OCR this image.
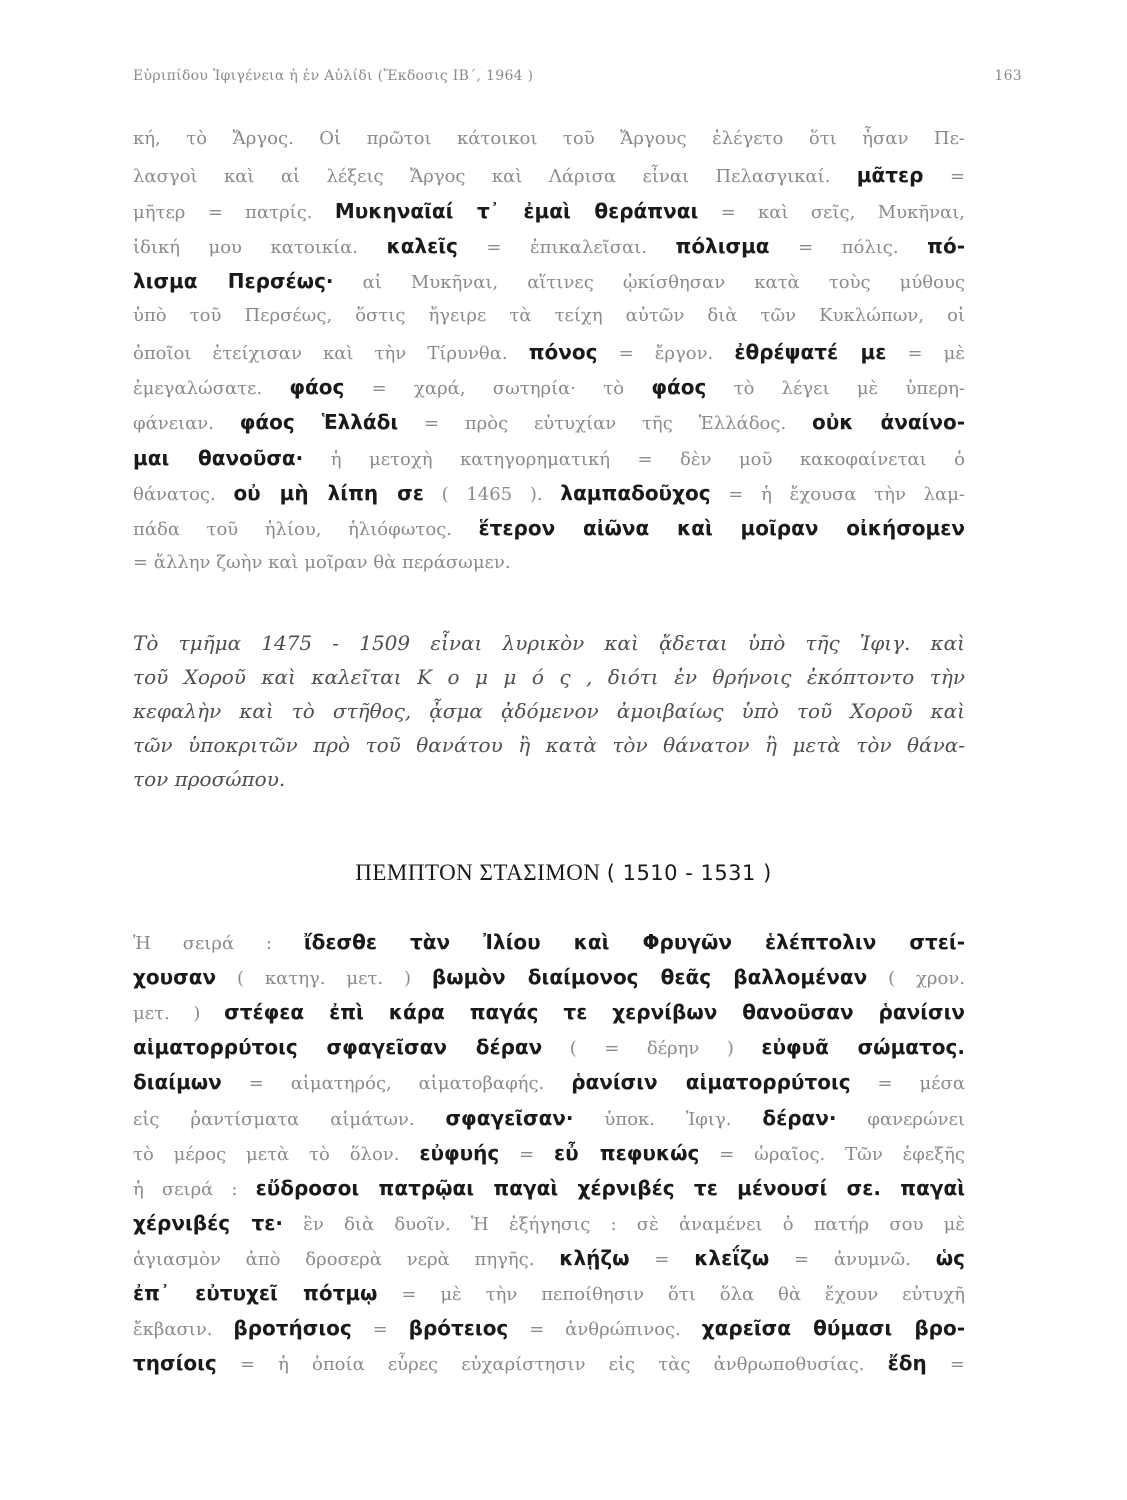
Εὐριπίδου Ἰφιγένεια ἡ ἐν Αὐλίδι (Ἔκδοσις ΙΒ΄, 1964 )	163
κή, τὸ Ἄργος. Οἱ πρῶτοι κάτοικοι τοῦ Ἄργους ἐλέγετο ὅτι ἦσαν Πε-
λασγοὶ καὶ αἱ λέξεις Ἄργος καὶ Λάρισα εἶναι Πελασγικαί. μᾶτερ =
μῆτερ = πατρίς. Μυκηναῖαί τ᾽ ἐμαὶ θεράπναι = καὶ σεῖς, Μυκῆναι,
ἰδική μου κατοικία. καλεῖς = ἐπικαλεῖσαι. πόλισμα = πόλις. πό-
λισμα Περσέως· αἱ Μυκῆναι, αἵτινες ᾠκίσθησαν κατὰ τοὺς μύθους
ὑπὸ τοῦ Περσέως, ὅστις ἤγειρε τὰ τείχη αὐτῶν διὰ τῶν Κυκλώπων, οἱ
ὁποῖοι ἐτείχισαν καὶ τὴν Τίρυνθα. πόνος = ἔργον. ἐθρέψατέ με = μὲ
ἐμεγαλώσατε. φάος = χαρά, σωτηρία· τὸ φάος τὸ λέγει μὲ ὑπερη-
φάνειαν. φάος Ἑλλάδι = πρὸς εὐτυχίαν τῆς Ἑλλάδος. οὐκ ἀναίνο-
μαι θανοῦσα· ἡ μετοχὴ κατηγορηματική = δὲν μοῦ κακοφαίνεται ὁ
θάνατος. οὐ μὴ λίπη σε ( 1465 ). λαμπαδοῦχος = ἡ ἔχουσα τὴν λαμ-
πάδα τοῦ ἡλίου, ἡλιόφωτος. ἕτερον αἰῶνα καὶ μοῖραν οἰκήσομεν
= ἄλλην ζωὴν καὶ μοῖραν θὰ περάσωμεν.
Τὸ τμῆμα 1475 - 1509 εἶναι λυρικὸν καὶ ᾄδεται ὑπὸ τῆς Ἰφιγ. καὶ
τοῦ Χοροῦ καὶ καλεῖται Κ ο μ μ ό ς , διότι ἐν θρήνοις ἐκόπτοντο τὴν
κεφαλὴν καὶ τὸ στῆθος, ᾆσμα ᾀδόμενον ἀμοιβαίως ὑπὸ τοῦ Χοροῦ καὶ
τῶν ὑποκριτῶν πρὸ τοῦ θανάτου ἢ κατὰ τὸν θάνατον ἢ μετὰ τὸν θάνα-
τον προσώπου.
ΠΕΜΠΤΟΝ ΣΤΑΣΙΜΟΝ ( 1510 - 1531 )
Ἡ σειρά : ἴδεσθε τὰν Ἰλίου καὶ Φρυγῶν ἑλέπτολιν στεί-
χουσαν ( κατηγ. μετ. ) βωμὸν διαίμονος θεᾶς βαλλομέναν ( χρον.
μετ. ) στέφεα ἐπὶ κάρα παγάς τε χερνίβων θανοῦσαν ῥανίσιν
αἱματορρύτοις σφαγεῖσαν δέραν ( = δέρην ) εὐφυᾶ σώματος.
διαίμων = αἱματηρός, αἱματοβαφής. ῥανίσιν αἱματορρύτοις = μέσα
εἰς ῥαντίσματα αἱμάτων. σφαγεῖσαν· ὑποκ. Ἰφιγ. δέραν· φανερώνει
τὸ μέρος μετὰ τὸ ὅλον. εὐφυής = εὖ πεφυκώς = ὡραῖος. Τῶν ἐφεξῆς
ἡ σειρά : εὔδροσοι πατρῷαι παγαὶ χέρνιβές τε μένουσί σε. παγαὶ
χέρνιβές τε· ἓν διὰ δυοῖν. Ἡ ἐξήγησις : σὲ ἀναμένει ὁ πατήρ σου μὲ
ἁγιασμὸν ἀπὸ δροσερὰ νερὰ πηγῆς. κλῄζω = κλεΐζω = ἀνυμνῶ. ὡς
ἐπ᾽ εὐτυχεῖ πότμῳ = μὲ τὴν πεποίθησιν ὅτι ὅλα θὰ ἔχουν εὐτυχῆ
ἔκβασιν. βροτήσιος = βρότειος = ἀνθρώπινος. χαρεῖσα θύμασι βρο-
τησίοις = ἡ ὁποία εὗρες εὐχαρίστησιν εἰς τὰς ἀνθρωποθυσίας. ἔδη =
